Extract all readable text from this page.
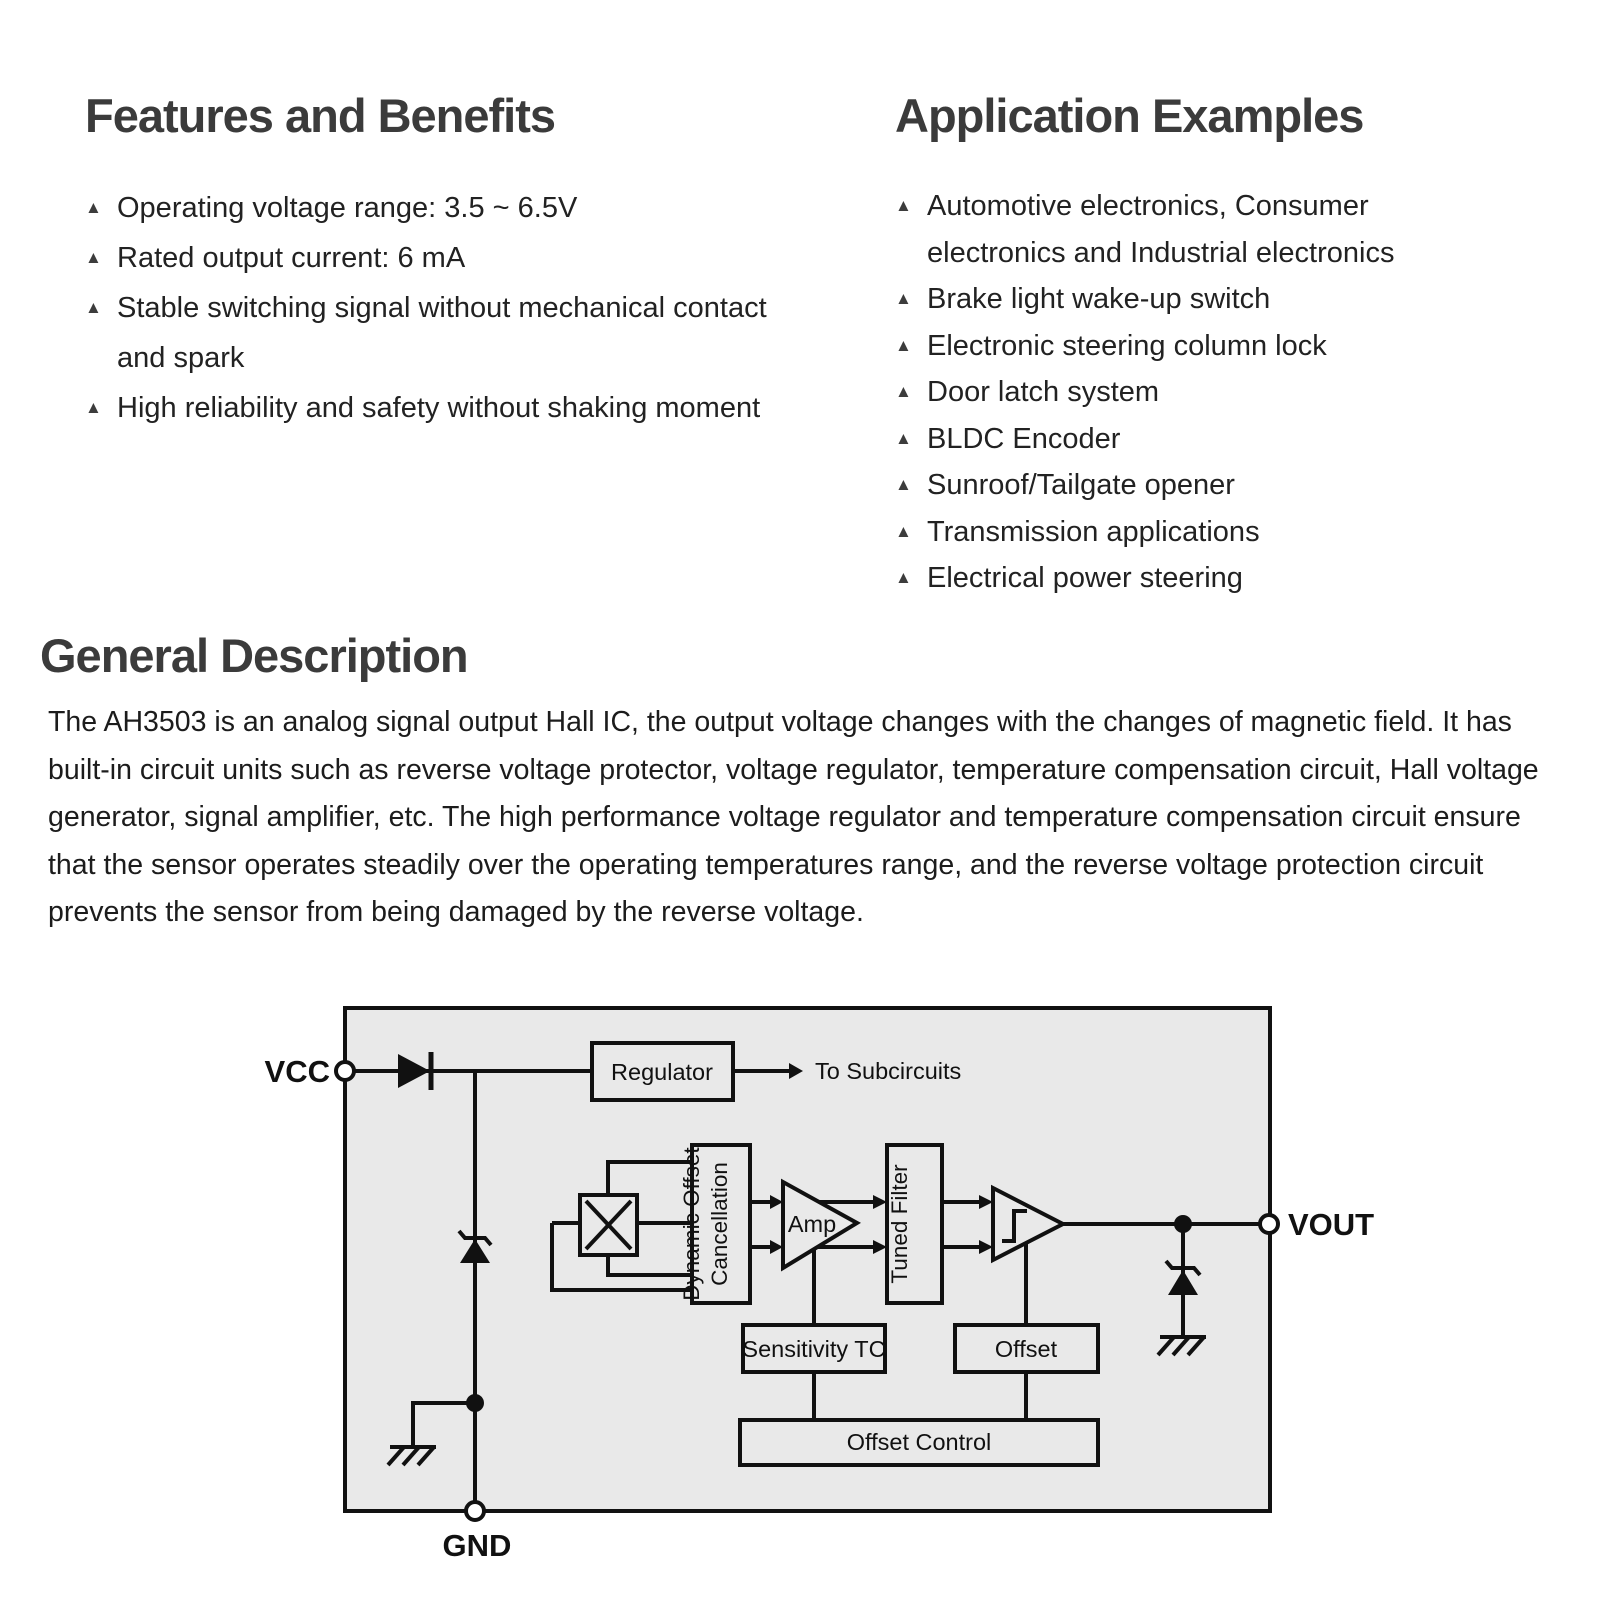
Features and Benefits
▲ Operating voltage range: 3.5 ~ 6.5V
▲ Rated output current: 6 mA
▲ Stable switching signal without mechanical contact and spark
▲ High reliability and safety without shaking moment
Application Examples
▲ Automotive electronics, Consumer electronics and Industrial electronics
▲ Brake light wake-up switch
▲ Electronic steering column lock
▲ Door latch system
▲ BLDC Encoder
▲ Sunroof/Tailgate opener
▲ Transmission applications
▲ Electrical power steering
General Description

The AH3503 is an analog signal output Hall IC, the output voltage changes with the changes of magnetic field. It has built-in circuit units such as reverse voltage protector, voltage regulator, temperature compensation circuit, Hall voltage generator, signal amplifier, etc. The high performance voltage regulator and temperature compensation circuit ensure that the sensor operates steadily over the operating temperatures range, and the reverse voltage protection circuit prevents the sensor from being damaged by the reverse voltage.

Regulator	To Subcircuits
Dynamic Offset Cancellation Amp Tuned Filter
Sensitivity TC	Offset
Offset Control
VCC
GND
VOUT
